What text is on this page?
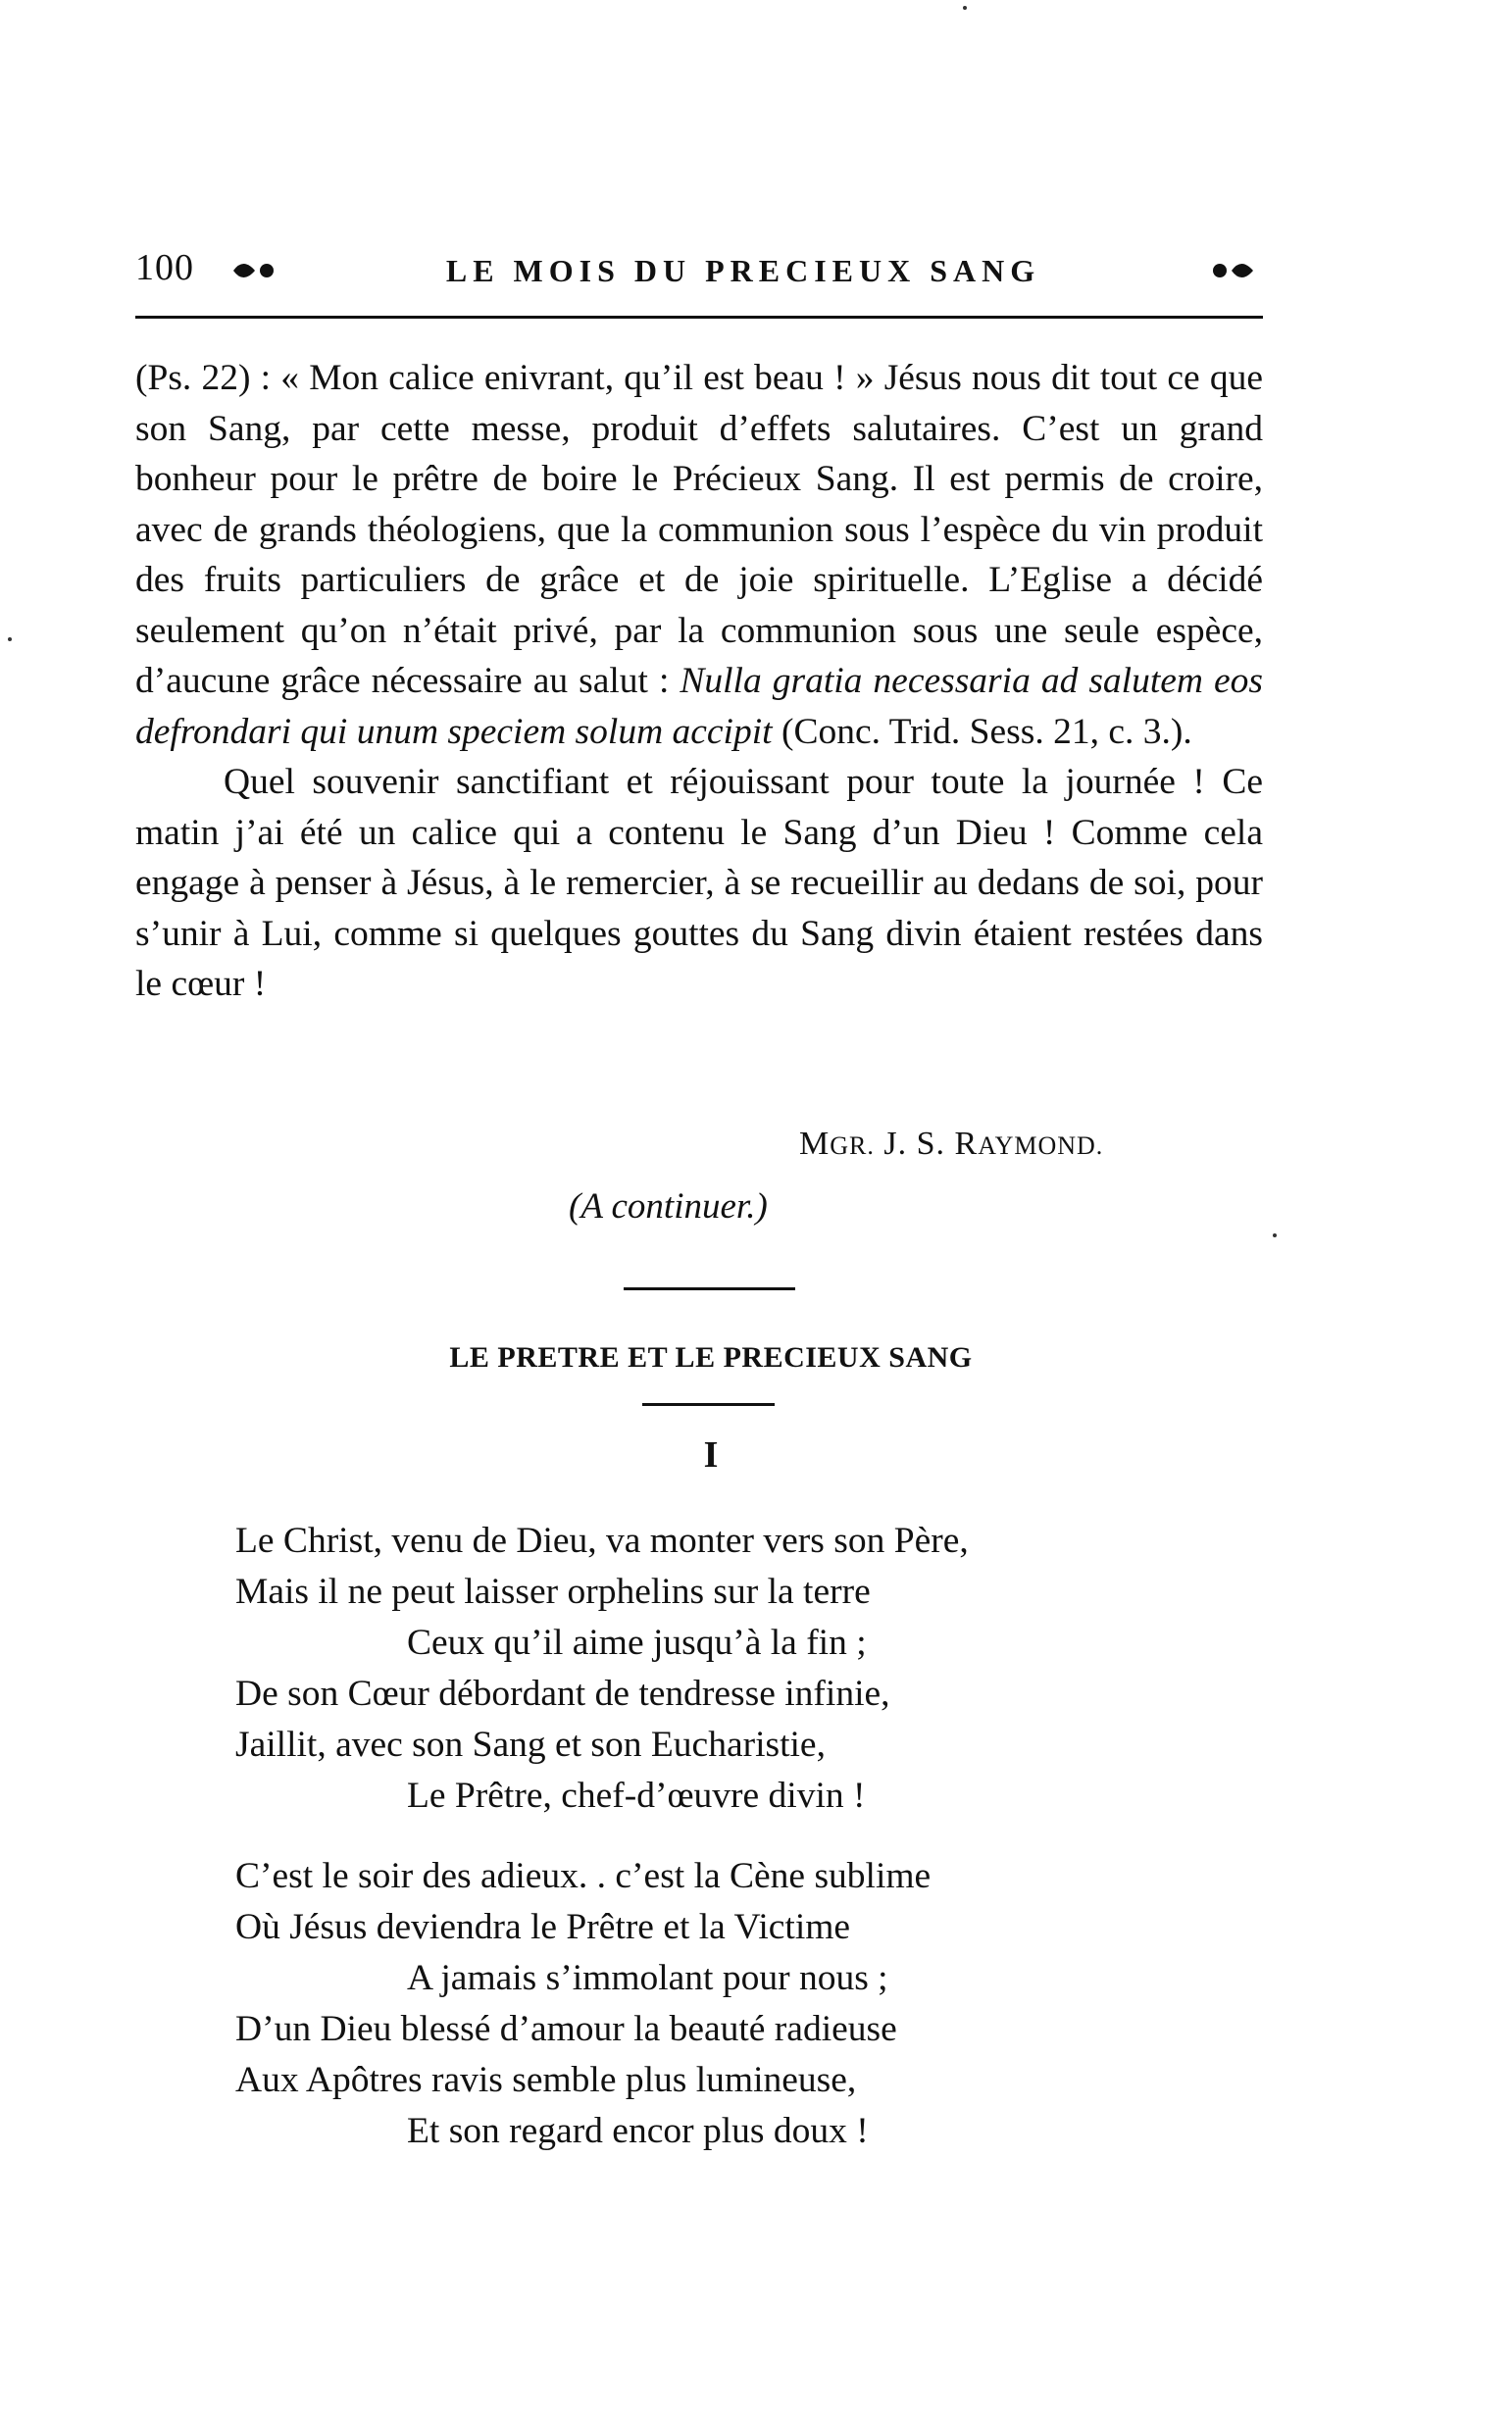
100	LE MOIS DU PRECIEUX SANG

(Ps. 22) : « Mon calice enivrant, qu’il est beau ! » Jésus nous dit tout ce que son Sang, par cette messe, produit d’effets salutaires. C’est un grand bonheur pour le prêtre de boire le Précieux Sang. Il est permis de croire, avec de grands théologiens, que la communion sous l’espèce du vin produit des fruits particuliers de grâce et de joie spirituelle. L’Eglise a décidé seulement qu’on n’était privé, par la communion sous une seule espèce, d’aucune grâce nécessaire au salut : Nulla gratia necessaria ad salutem eos defrondari qui unum speciem solum accipit (Conc. Trid. Sess. 21, c. 3.).

Quel souvenir sanctifiant et réjouissant pour toute la journée ! Ce matin j’ai été un calice qui a contenu le Sang d’un Dieu ! Comme cela engage à penser à Jésus, à le remercier, à se recueillir au dedans de soi, pour s’unir à Lui, comme si quelques gouttes du Sang divin étaient restées dans le cœur !

MGR. J. S. RAYMOND.
(A continuer.)
LE PRETRE ET LE PRECIEUX SANG
I
Le Christ, venu de Dieu, va monter vers son Père,
Mais il ne peut laisser orphelins sur la terre
Ceux qu’il aime jusqu’à la fin ;
De son Cœur débordant de tendresse infinie,
Jaillit, avec son Sang et son Eucharistie,
Le Prêtre, chef-d’œuvre divin !
C’est le soir des adieux. . c’est la Cène sublime
Où Jésus deviendra le Prêtre et la Victime
A jamais s’immolant pour nous ;
D’un Dieu blessé d’amour la beauté radieuse
Aux Apôtres ravis semble plus lumineuse,
Et son regard encor plus doux !
